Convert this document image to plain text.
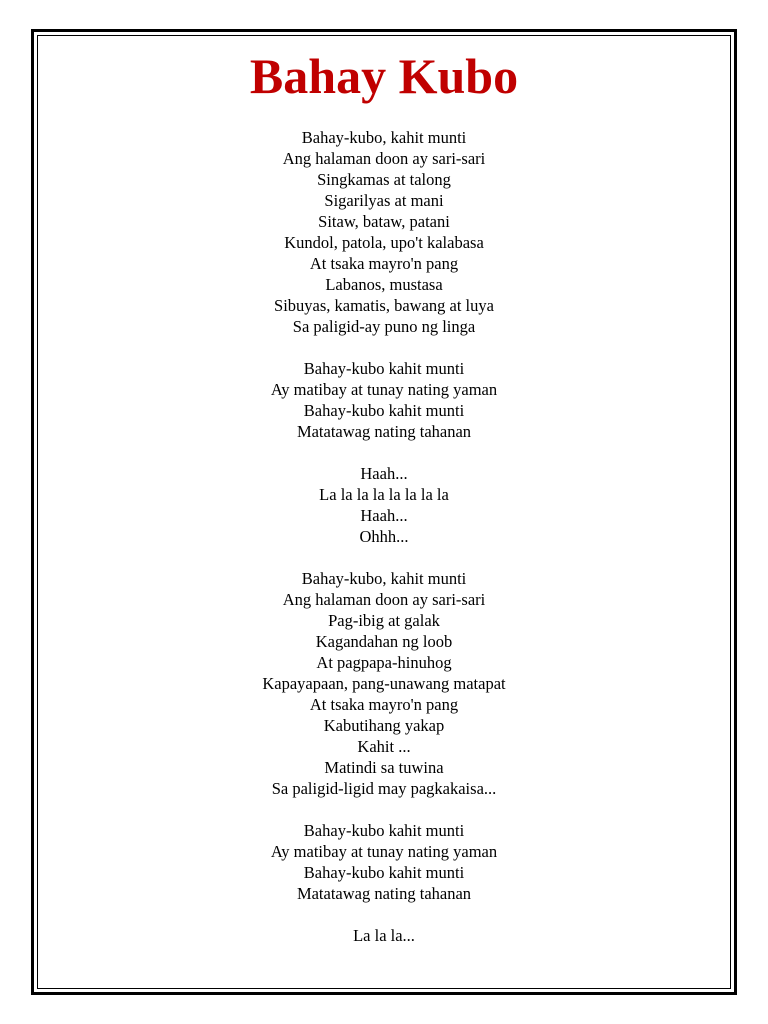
Bahay Kubo
Bahay-kubo, kahit munti
Ang halaman doon ay sari-sari
Singkamas at talong
Sigarilyas at mani
Sitaw, bataw, patani
Kundol, patola, upo't kalabasa
At tsaka mayro'n pang
Labanos, mustasa
Sibuyas, kamatis, bawang at luya
Sa paligid-ay puno ng linga
Bahay-kubo kahit munti
Ay matibay at tunay nating yaman
Bahay-kubo kahit munti
Matatawag nating tahanan
Haah...
La la la la la la la la
Haah...
Ohhh...
Bahay-kubo, kahit munti
Ang halaman doon ay sari-sari
Pag-ibig at galak
Kagandahan ng loob
At pagpapa-hinuhog
Kapayapaan, pang-unawang matapat
At tsaka mayro'n pang
Kabutihang yakap
Kahit ...
Matindi sa tuwina
Sa paligid-ligid may pagkakaisa...
Bahay-kubo kahit munti
Ay matibay at tunay nating yaman
Bahay-kubo kahit munti
Matatawag nating tahanan
La la la...
